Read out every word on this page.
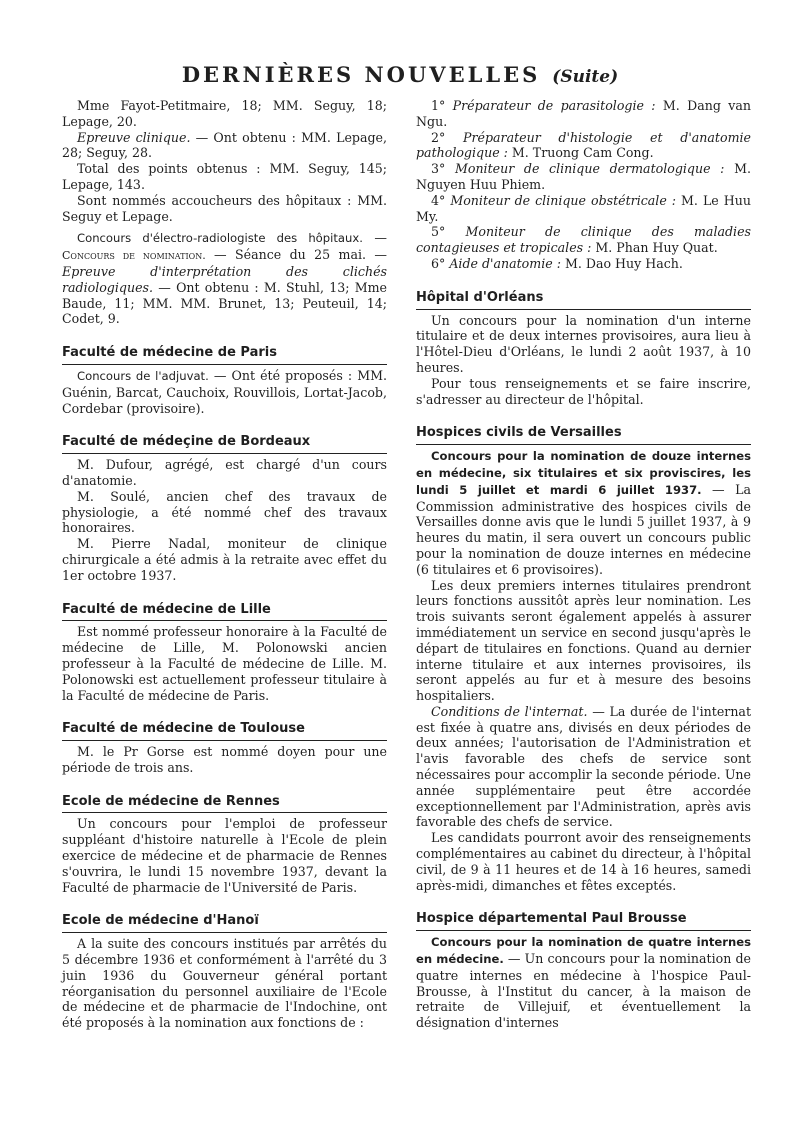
DERNIÈRES NOUVELLES (Suite)

Mme Fayot-Petitmaire, 18; MM. Seguy, 18; Lepage, 20.

Epreuve clinique. — Ont obtenu : MM. Lepage, 28; Seguy, 28.

Total des points obtenus : MM. Seguy, 145; Lepage, 143.

Sont nommés accoucheurs des hôpitaux : MM. Seguy et Lepage.

Concours d'électro-radiologiste des hôpitaux. — Concours de nomination. — Séance du 25 mai. — Epreuve d'interprétation des clichés radiologiques. — Ont obtenu : M. Stuhl, 13; Mme Baude, 11; MM. MM. Brunet, 13; Peuteuil, 14; Codet, 9.

Faculté de médecine de Paris

Concours de l'adjuvat. — Ont été proposés : MM. Guénin, Barcat, Cauchoix, Rouvillois, Lortat-Jacob, Cordebar (provisoire).

Faculté de médeçine de Bordeaux

M. Dufour, agrégé, est chargé d'un cours d'anatomie.

M. Soulé, ancien chef des travaux de physiologie, a été nommé chef des travaux honoraires.

M. Pierre Nadal, moniteur de clinique chirurgicale a été admis à la retraite avec effet du 1er octobre 1937.

Faculté de médecine de Lille

Est nommé professeur honoraire à la Faculté de médecine de Lille, M. Polonowski ancien professeur à la Faculté de médecine de Lille. M. Polonowski est actuellement professeur titulaire à la Faculté de médecine de Paris.

Faculté de médecine de Toulouse

M. le Pr Gorse est nommé doyen pour une période de trois ans.

Ecole de médecine de Rennes

Un concours pour l'emploi de professeur suppléant d'histoire naturelle à l'Ecole de plein exercice de médecine et de pharmacie de Rennes s'ouvrira, le lundi 15 novembre 1937, devant la Faculté de pharmacie de l'Université de Paris.

Ecole de médecine d'Hanoï

A la suite des concours institués par arrêtés du 5 décembre 1936 et conformément à l'arrêté du 3 juin 1936 du Gouverneur général portant réorganisation du personnel auxiliaire de l'Ecole de médecine et de pharmacie de l'Indochine, ont été proposés à la nomination aux fonctions de :

1° Préparateur de parasitologie : M. Dang van Ngu.

2° Préparateur d'histologie et d'anatomie pathologique : M. Truong Cam Cong.

3° Moniteur de clinique dermatologique : M. Nguyen Huu Phiem.

4° Moniteur de clinique obstétricale : M. Le Huu My.

5° Moniteur de clinique des maladies contagieuses et tropicales : M. Phan Huy Quat.

6° Aide d'anatomie : M. Dao Huy Hach.

Hôpital d'Orléans

Un concours pour la nomination d'un interne titulaire et de deux internes provisoires, aura lieu à l'Hôtel-Dieu d'Orléans, le lundi 2 août 1937, à 10 heures.

Pour tous renseignements et se faire inscrire, s'adresser au directeur de l'hôpital.

Hospices civils de Versailles

Concours pour la nomination de douze internes en médecine, six titulaires et six proviscires, les lundi 5 juillet et mardi 6 juillet 1937. — La Commission administrative des hospices civils de Versailles donne avis que le lundi 5 juillet 1937, à 9 heures du matin, il sera ouvert un concours public pour la nomination de douze internes en médecine (6 titulaires et 6 provisoires).

Les deux premiers internes titulaires prendront leurs fonctions aussitôt après leur nomination. Les trois suivants seront également appelés à assurer immédiatement un service en second jusqu'après le départ de titulaires en fonctions. Quand au dernier interne titulaire et aux internes provisoires, ils seront appelés au fur et à mesure des besoins hospitaliers.

Conditions de l'internat. — La durée de l'internat est fixée à quatre ans, divisés en deux périodes de deux années; l'autorisation de l'Administration et l'avis favorable des chefs de service sont nécessaires pour accomplir la seconde période. Une année supplémentaire peut être accordée exceptionnellement par l'Administration, après avis favorable des chefs de service.

Les candidats pourront avoir des renseignements complémentaires au cabinet du directeur, à l'hôpital civil, de 9 à 11 heures et de 14 à 16 heures, samedi après-midi, dimanches et fêtes exceptés.

Hospice départemental Paul Brousse

Concours pour la nomination de quatre internes en médecine. — Un concours pour la nomination de quatre internes en médecine à l'hospice Paul-Brousse, à l'Institut du cancer, à la maison de retraite de Villejuif, et éventuellement la désignation d'internes
